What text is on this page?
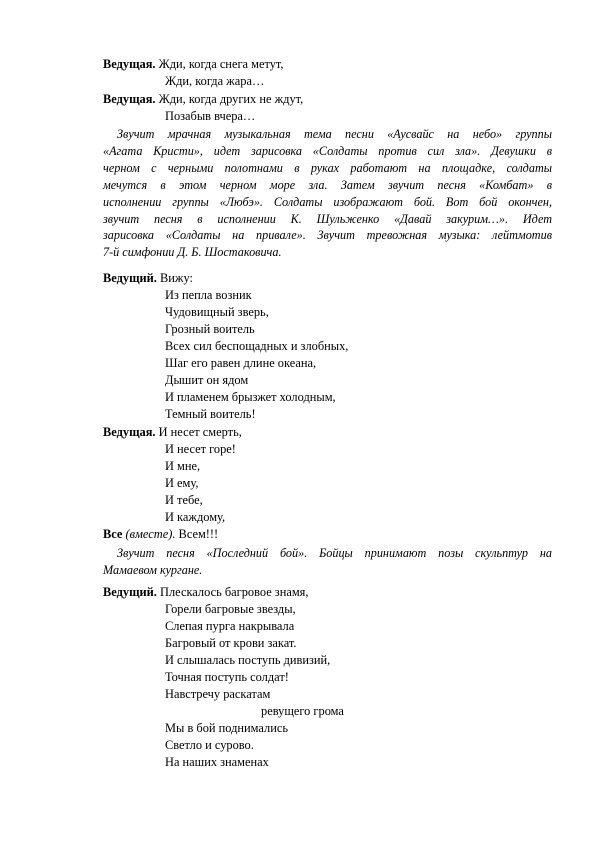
Ведущая. Жди, когда снега метут,
Жди, когда жара…
Ведущая. Жди, когда других не ждут,
Позабыв вчера…
Звучит мрачная музыкальная тема песни «Аусвайс на небо» группы
«Агата Кристи», идет зарисовка «Солдаты против сил зла». Девушки в
черном с черными полотнами в руках работают на площадке, солдаты
мечутся в этом черном море зла. Затем звучит песня «Комбат» в
исполнении группы «Любэ». Солдаты изображают бой. Вот бой окончен,
звучит песня в исполнении К. Шульженко «Давай закурим…». Идет
зарисовка «Солдаты на привале». Звучит тревожная музыка: лейтмотив
7-й симфонии Д. Б. Шостаковича.
Ведущий. Вижу:
Из пепла возник
Чудовищный зверь,
Грозный воитель
Всех сил беспощадных и злобных,
Шаг его равен длине океана,
Дышит он ядом
И пламенем брызжет холодным,
Темный воитель!
Ведущая. И несет смерть,
И несет горе!
И мне,
И ему,
И тебе,
И каждому,
Все (вместе). Всем!!!
Звучит песня «Последний бой». Бойцы принимают позы скульптур на
Мамаевом кургане.
Ведущий. Плескалось багровое знамя,
Горели багровые звезды,
Слепая пурга накрывала
Багровый от крови закат.
И слышалась поступь дивизий,
Точная поступь солдат!
Навстречу раскатам
ревущего грома
Мы в бой поднимались
Светло и сурово.
На наших знаменах
